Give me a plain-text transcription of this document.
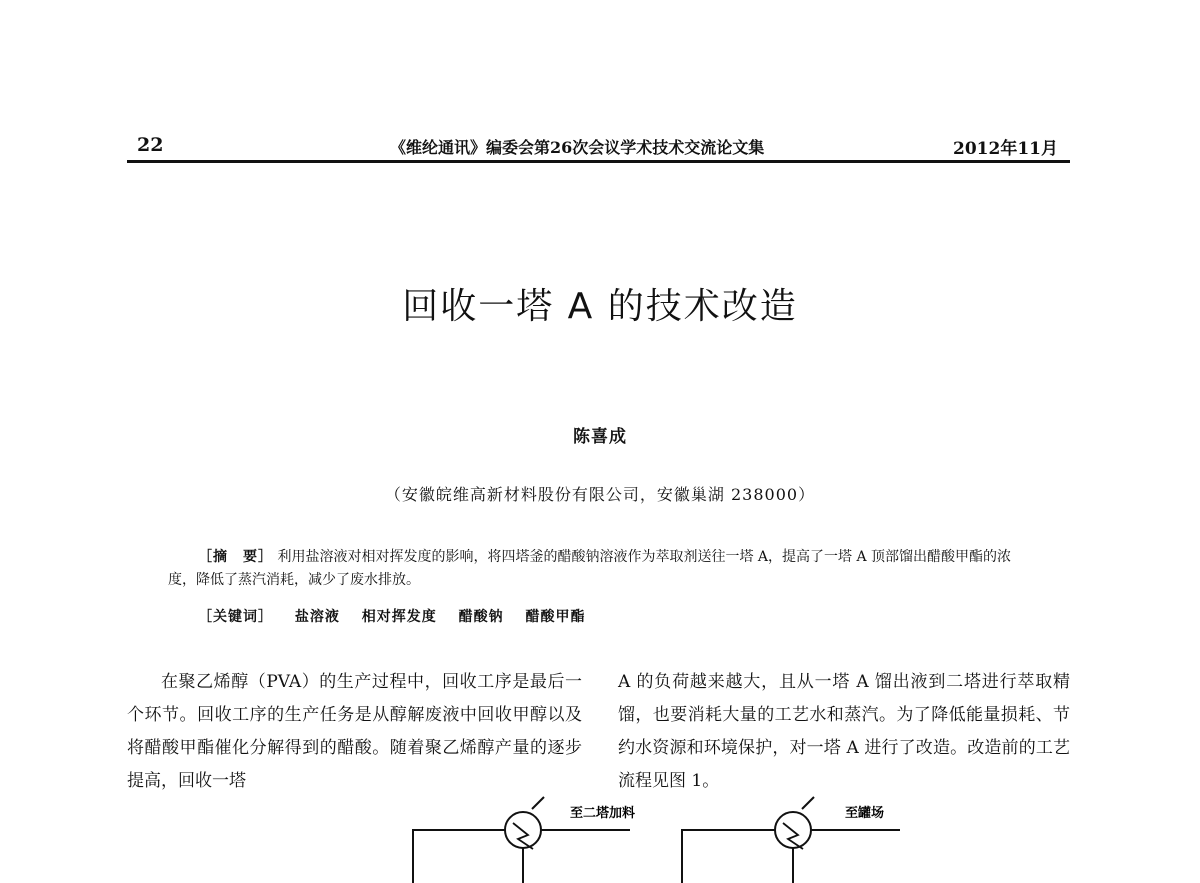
22	《维纶通讯》编委会第26次会议学术技术交流论文集	2012年11月
回收一塔 A 的技术改造
陈喜成
（安徽皖维高新材料股份有限公司，安徽巢湖 238000）
［摘　要］ 利用盐溶液对相对挥发度的影响，将四塔釜的醋酸钠溶液作为萃取剂送往一塔 A，提高了一塔 A 顶部馏出醋酸甲酯的浓度，降低了蒸汽消耗，减少了废水排放。
［关键词］ 盐溶液 相对挥发度 醋酸钠 醋酸甲酯
在聚乙烯醇（PVA）的生产过程中，回收工序是最后一个环节。回收工序的生产任务是从醇解废液中回收甲醇以及将醋酸甲酯催化分解得到的醋酸。随着聚乙烯醇产量的逐步提高，回收一塔
A 的负荷越来越大，且从一塔 A 馏出液到二塔进行萃取精馏，也要消耗大量的工艺水和蒸汽。为了降低能量损耗、节约水资源和环境保护，对一塔 A 进行了改造。改造前的工艺流程见图 1。
至二塔加料	至罐场
